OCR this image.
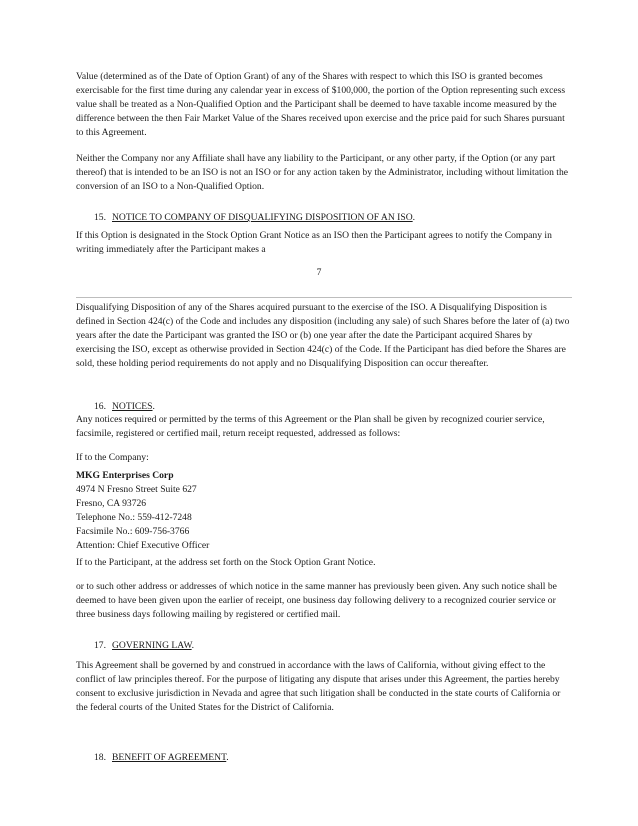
Value (determined as of the Date of Option Grant) of any of the Shares with respect to which this ISO is granted becomes exercisable for the first time during any calendar year in excess of $100,000, the portion of the Option representing such excess value shall be treated as a Non-Qualified Option and the Participant shall be deemed to have taxable income measured by the difference between the then Fair Market Value of the Shares received upon exercise and the price paid for such Shares pursuant to this Agreement.

Neither the Company nor any Affiliate shall have any liability to the Participant, or any other party, if the Option (or any part thereof) that is intended to be an ISO is not an ISO or for any action taken by the Administrator, including without limitation the conversion of an ISO to a Non-Qualified Option.

15. NOTICE TO COMPANY OF DISQUALIFYING DISPOSITION OF AN ISO.

If this Option is designated in the Stock Option Grant Notice as an ISO then the Participant agrees to notify the Company in writing immediately after the Participant makes a

7

Disqualifying Disposition of any of the Shares acquired pursuant to the exercise of the ISO. A Disqualifying Disposition is defined in Section 424(c) of the Code and includes any disposition (including any sale) of such Shares before the later of (a) two years after the date the Participant was granted the ISO or (b) one year after the date the Participant acquired Shares by exercising the ISO, except as otherwise provided in Section 424(c) of the Code. If the Participant has died before the Shares are sold, these holding period requirements do not apply and no Disqualifying Disposition can occur thereafter.

16. NOTICES.

Any notices required or permitted by the terms of this Agreement or the Plan shall be given by recognized courier service, facsimile, registered or certified mail, return receipt requested, addressed as follows:

If to the Company:

MKG Enterprises Corp
4974 N Fresno Street Suite 627
Fresno, CA 93726
Telephone No.: 559-412-7248
Facsimile No.: 609-756-3766
Attention: Chief Executive Officer

If to the Participant, at the address set forth on the Stock Option Grant Notice.

or to such other address or addresses of which notice in the same manner has previously been given. Any such notice shall be deemed to have been given upon the earlier of receipt, one business day following delivery to a recognized courier service or three business days following mailing by registered or certified mail.

17. GOVERNING LAW.

This Agreement shall be governed by and construed in accordance with the laws of California, without giving effect to the conflict of law principles thereof. For the purpose of litigating any dispute that arises under this Agreement, the parties hereby consent to exclusive jurisdiction in Nevada and agree that such litigation shall be conducted in the state courts of California or the federal courts of the United States for the District of California.

18. BENEFIT OF AGREEMENT.
